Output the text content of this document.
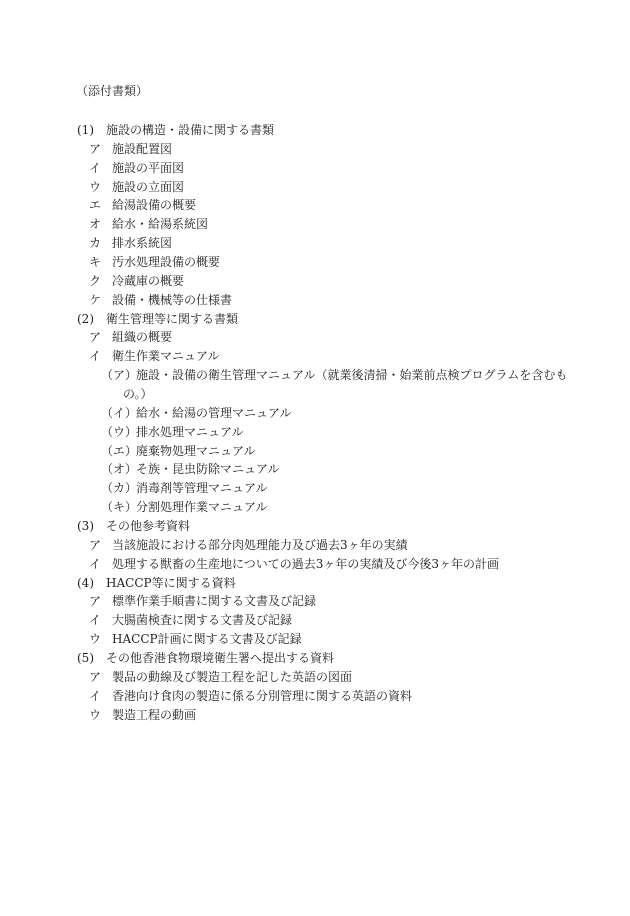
（添付書類）
(1) 施設の構造・設備に関する書類
ア 施設配置図
イ 施設の平面図
ウ 施設の立面図
エ 給湯設備の概要
オ 給水・給湯系統図
カ 排水系統図
キ 汚水処理設備の概要
ク 冷蔵庫の概要
ケ 設備・機械等の仕様書
(2) 衛生管理等に関する書類
ア 組織の概要
イ 衛生作業マニュアル
（ア）
施設・設備の衛生管理マニュアル（就業後清掃・始業前点検プログラムを含むも
の。）
（イ）
給水・給湯の管理マニュアル
（ウ）
排水処理マニュアル
（エ）
廃棄物処理マニュアル
（オ）
そ族・昆虫防除マニュアル
（カ）
消毒剤等管理マニュアル
（キ）
分割処理作業マニュアル
(3) その他参考資料
ア 当該施設における部分肉処理能力及び過去3ヶ年の実績
イ 処理する獣畜の生産地についての過去3ヶ年の実績及び今後3ヶ年の計画
(4) HACCP等に関する資料
ア 標準作業手順書に関する文書及び記録
イ 大腸菌検査に関する文書及び記録
ウ HACCP計画に関する文書及び記録
(5) その他香港食物環境衛生署へ提出する資料
ア 製品の動線及び製造工程を記した英語の図面
イ 香港向け食肉の製造に係る分別管理に関する英語の資料
ウ 製造工程の動画
